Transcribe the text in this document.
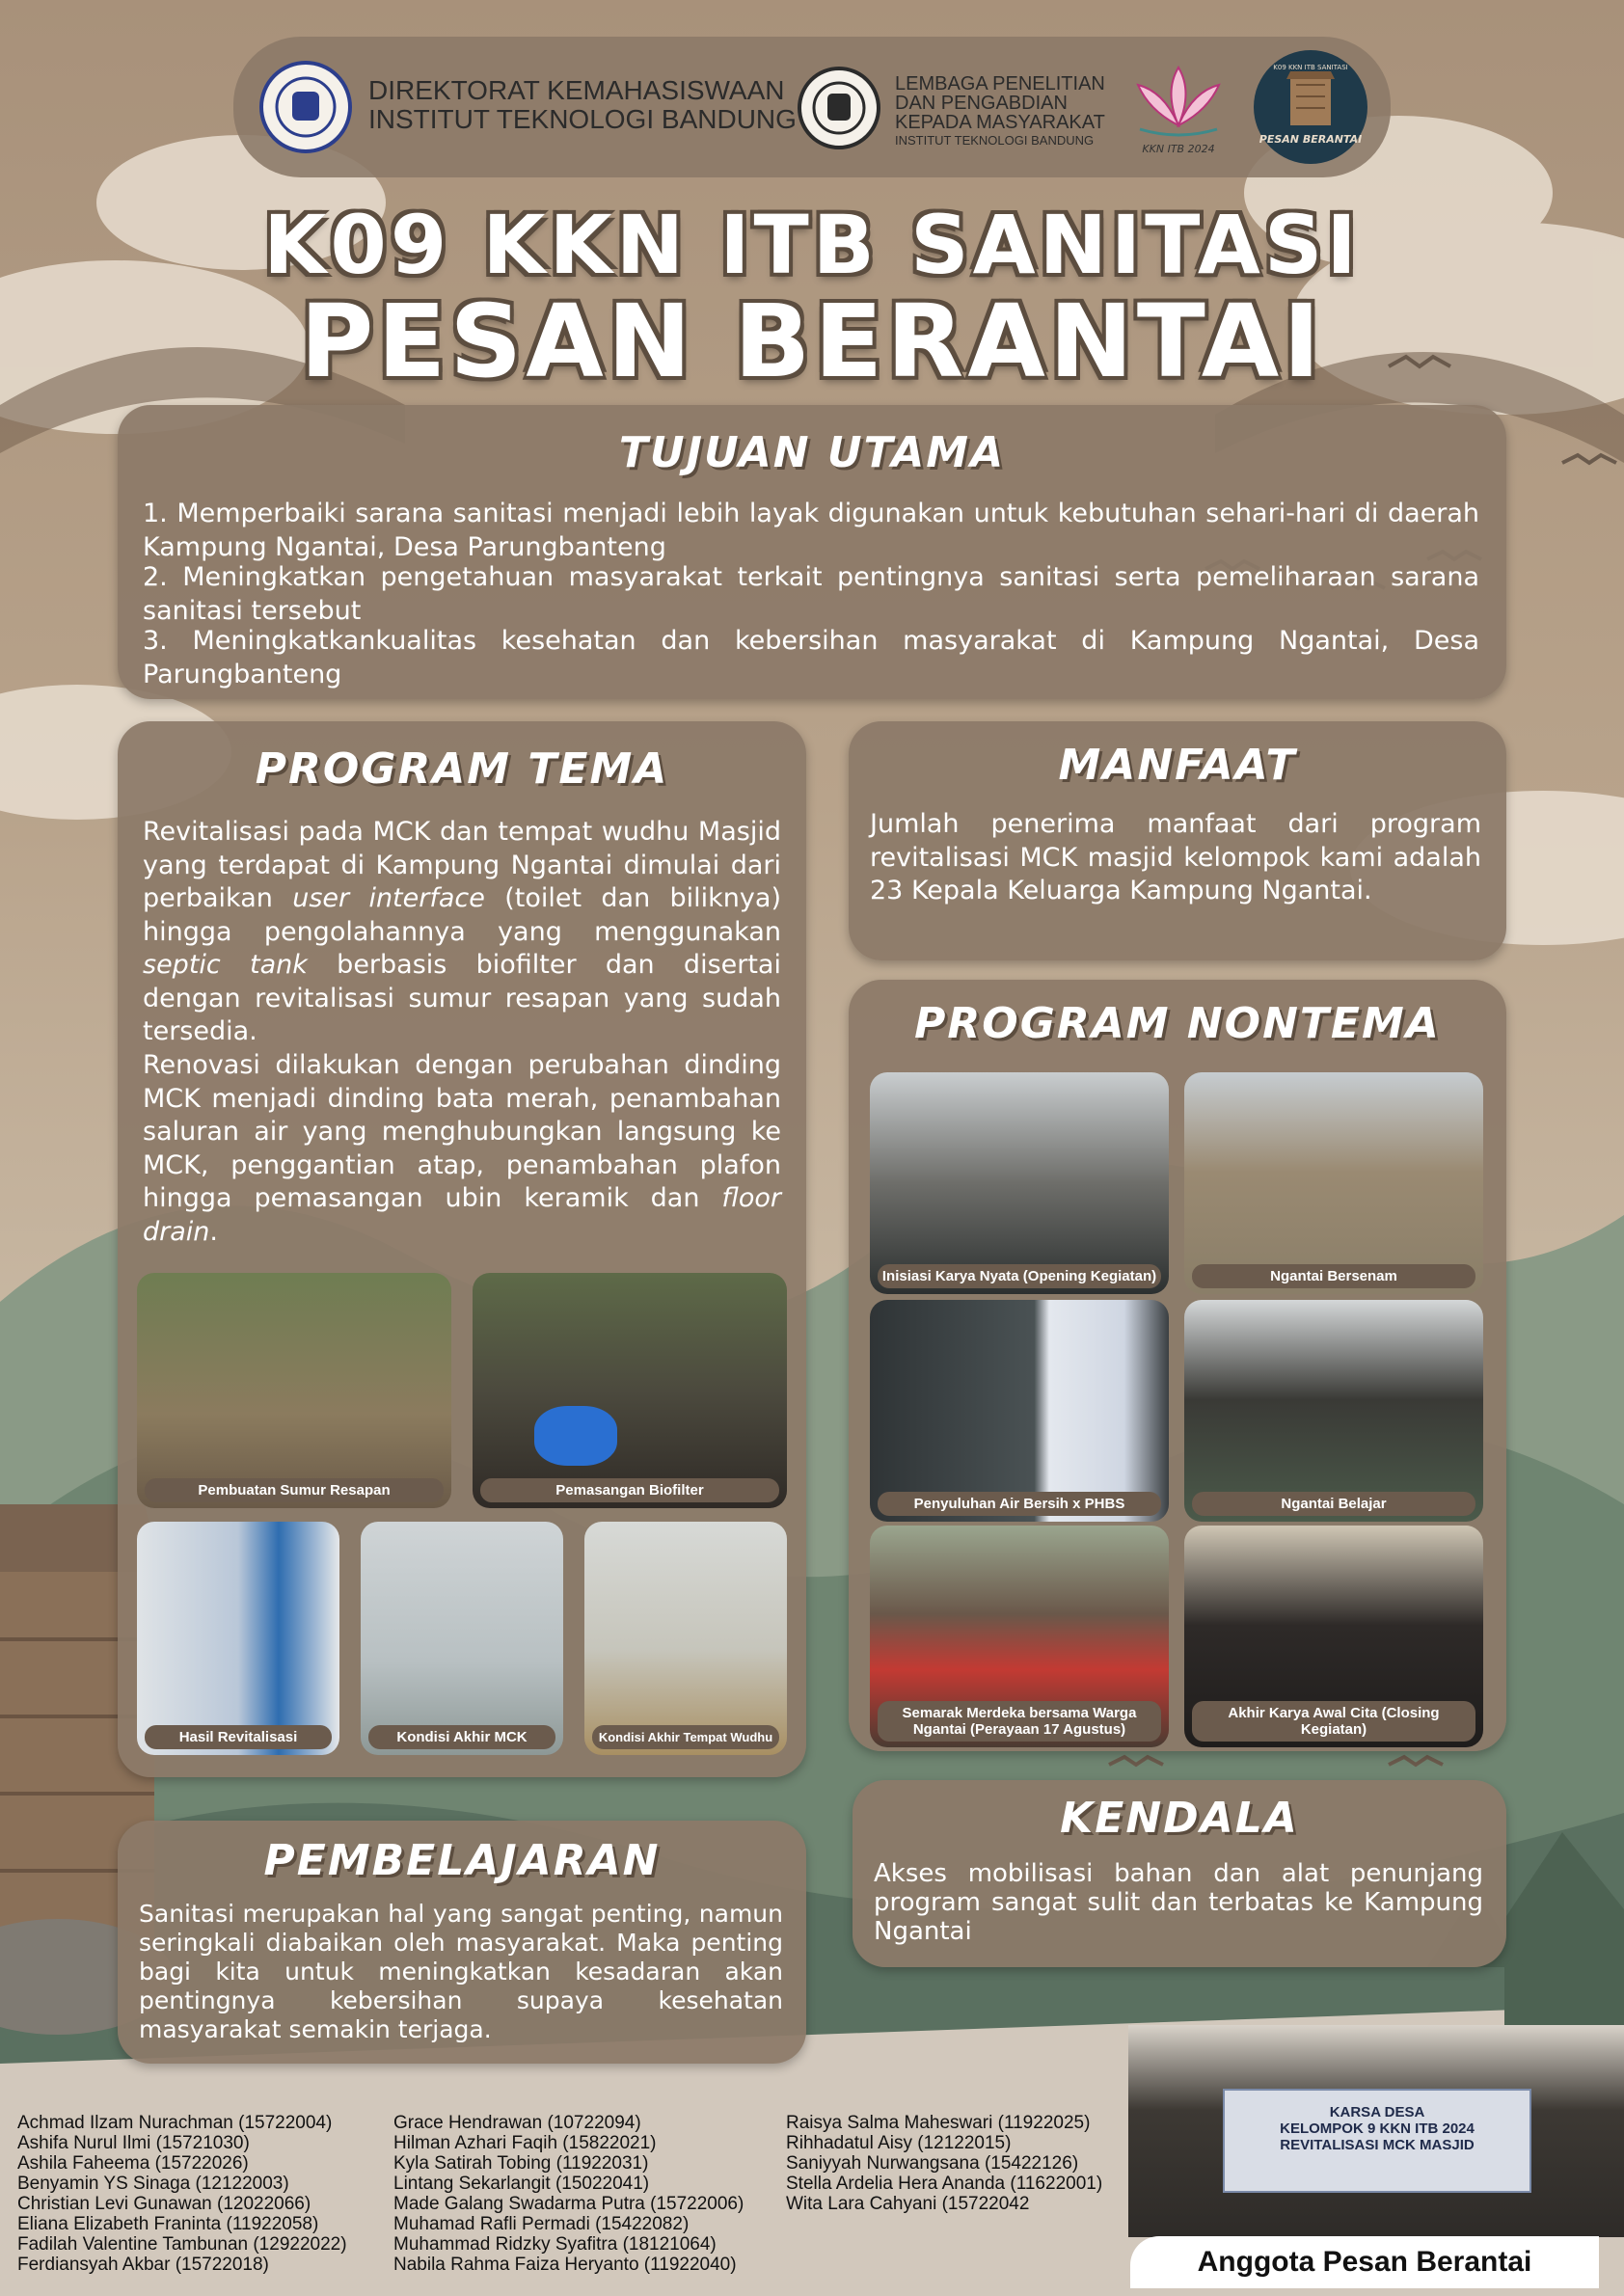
DIREKTORAT KEMAHASISWAAN
INSTITUT TEKNOLOGI BANDUNG
LEMBAGA PENELITIAN
DAN PENGABDIAN
KEPADA MASYARAKAT
INSTITUT TEKNOLOGI BANDUNG
KKN ITB 2024
K09 KKN ITB SANITASI
PESAN BERANTAI
K09 KKN ITB SANITASI
PESAN BERANTAI
TUJUAN UTAMA
1. Memperbaiki sarana sanitasi menjadi lebih layak digunakan untuk kebutuhan sehari-hari di daerah Kampung Ngantai, Desa Parungbanteng
2. Meningkatkan pengetahuan masyarakat terkait pentingnya sanitasi serta pemeliharaan sarana sanitasi tersebut
3. Meningkatkankualitas kesehatan dan kebersihan masyarakat di Kampung Ngantai, Desa Parungbanteng
PROGRAM TEMA
Revitalisasi pada MCK dan tempat wudhu Masjid yang terdapat di Kampung Ngantai dimulai dari perbaikan user interface (toilet dan biliknya) hingga pengolahannya yang menggunakan septic tank berbasis biofilter dan disertai dengan revitalisasi sumur resapan yang sudah tersedia.
Renovasi dilakukan dengan perubahan dinding MCK menjadi dinding bata merah, penambahan saluran air yang menghubungkan langsung ke MCK, penggantian atap, penambahan plafon hingga pemasangan ubin keramik dan floor drain.
Pembuatan Sumur Resapan	Pemasangan Biofilter
Hasil Revitalisasi	Kondisi Akhir MCK	Kondisi Akhir Tempat Wudhu
MANFAAT
Jumlah penerima manfaat dari program revitalisasi MCK masjid kelompok kami adalah 23 Kepala Keluarga Kampung Ngantai.
PROGRAM NONTEMA
Inisiasi Karya Nyata (Opening Kegiatan)	Ngantai Bersenam
Penyuluhan Air Bersih x PHBS	Ngantai Belajar
Semarak Merdeka bersama Warga Ngantai (Perayaan 17 Agustus)
Akhir Karya Awal Cita (Closing Kegiatan)
PEMBELAJARAN
Sanitasi merupakan hal yang sangat penting, namun seringkali diabaikan oleh masyarakat. Maka penting bagi kita untuk meningkatkan kesadaran akan pentingnya kebersihan supaya kesehatan masyarakat semakin terjaga.
KENDALA
Akses mobilisasi bahan dan alat penunjang program sangat sulit dan terbatas ke Kampung Ngantai
KARSA DESA
KELOMPOK 9 KKN ITB 2024
REVITALISASI MCK MASJID
Achmad Ilzam Nurachman (15722004)
Ashifa Nurul Ilmi (15721030)
Ashila Faheema (15722026)
Benyamin YS Sinaga (12122003)
Christian Levi Gunawan (12022066)
Eliana Elizabeth Franinta (11922058)
Fadilah Valentine Tambunan (12922022)
Ferdiansyah Akbar (15722018)
Grace Hendrawan (10722094)
Hilman Azhari Faqih (15822021)
Kyla Satirah Tobing (11922031)
Lintang Sekarlangit (15022041)
Made Galang Swadarma Putra (15722006)
Muhamad Rafli Permadi (15422082)
Muhammad Ridzky Syafitra (18121064)
Nabila Rahma Faiza Heryanto (11922040)
Raisya Salma Maheswari (11922025)
Rihhadatul Aisy (12122015)
Saniyyah Nurwangsana (15422126)
Stella Ardelia Hera Ananda (11622001)
Wita Lara Cahyani (15722042
Anggota Pesan Berantai
